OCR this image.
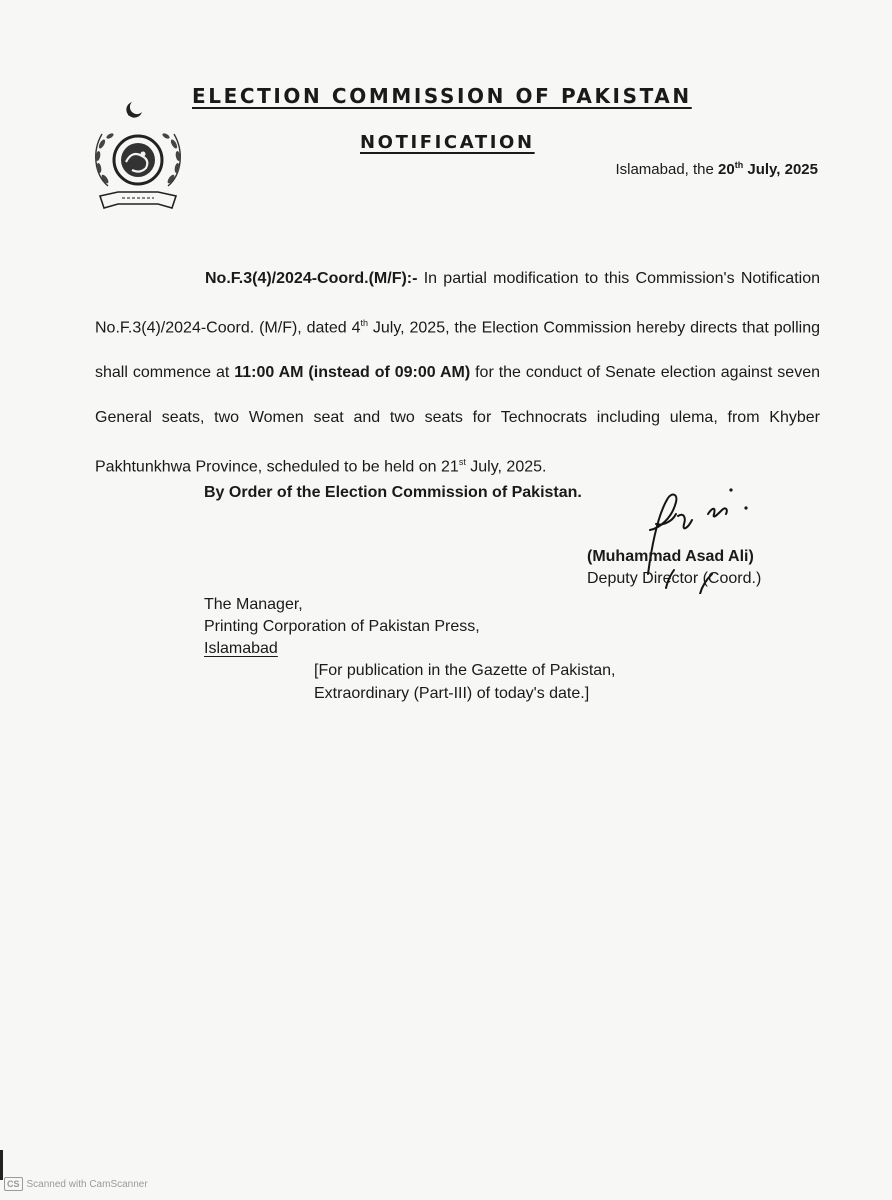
ELECTION COMMISSION OF PAKISTAN
NOTIFICATION
Islamabad, the 20th July, 2025
No.F.3(4)/2024-Coord.(M/F):- In partial modification to this Commission's Notification No.F.3(4)/2024-Coord. (M/F), dated 4th July, 2025, the Election Commission hereby directs that polling shall commence at 11:00 AM (instead of 09:00 AM) for the conduct of Senate election against seven General seats, two Women seat and two seats for Technocrats including ulema, from Khyber Pakhtunkhwa Province, scheduled to be held on 21st July, 2025.
By Order of the Election Commission of Pakistan.
(Muhammad Asad Ali)
Deputy Director (Coord.)
The Manager,
Printing Corporation of Pakistan Press,
Islamabad
[For publication in the Gazette of Pakistan,
Extraordinary (Part-III) of today's date.]
CS Scanned with CamScanner
